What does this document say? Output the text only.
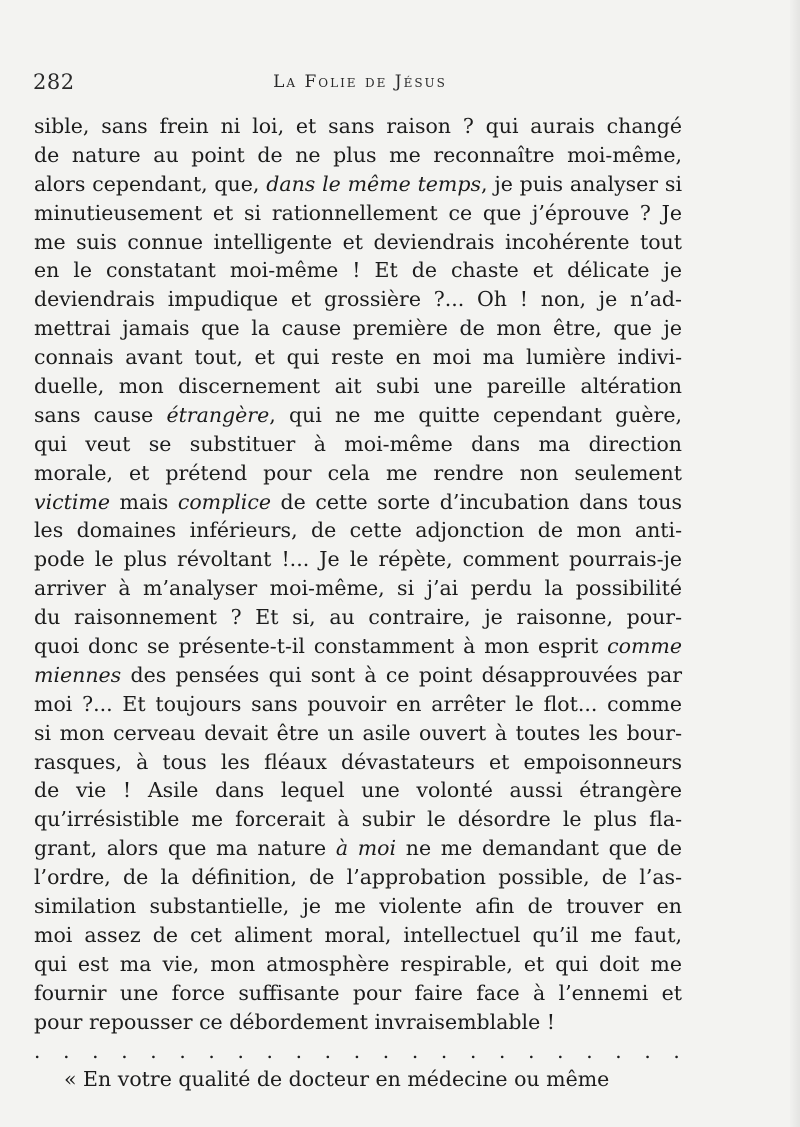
282	La Folie de Jésus
sible, sans frein ni loi, et sans raison ? qui aurais changé
de nature au point de ne plus me reconnaître moi-même,
alors cependant, que, dans le même temps, je puis analyser si
minutieusement et si rationnellement ce que j’éprouve ? Je
me suis connue intelligente et deviendrais incohérente tout
en le constatant moi-même ! Et de chaste et délicate je
deviendrais impudique et grossière ?... Oh ! non, je n’ad-
mettrai jamais que la cause première de mon être, que je
connais avant tout, et qui reste en moi ma lumière indivi-
duelle, mon discernement ait subi une pareille altération
sans cause étrangère, qui ne me quitte cependant guère,
qui veut se substituer à moi-même dans ma direction
morale, et prétend pour cela me rendre non seulement
victime mais complice de cette sorte d’incubation dans tous
les domaines inférieurs, de cette adjonction de mon anti-
pode le plus révoltant !... Je le répète, comment pourrais-je
arriver à m’analyser moi-même, si j’ai perdu la possibilité
du raisonnement ? Et si, au contraire, je raisonne, pour-
quoi donc se présente-t-il constamment à mon esprit comme
miennes des pensées qui sont à ce point désapprouvées par
moi ?... Et toujours sans pouvoir en arrêter le flot... comme
si mon cerveau devait être un asile ouvert à toutes les bour-
rasques, à tous les fléaux dévastateurs et empoisonneurs
de vie ! Asile dans lequel une volonté aussi étrangère
qu’irrésistible me forcerait à subir le désordre le plus fla-
grant, alors que ma nature à moi ne me demandant que de
l’ordre, de la définition, de l’approbation possible, de l’as-
similation substantielle, je me violente afin de trouver en
moi assez de cet aliment moral, intellectuel qu’il me faut,
qui est ma vie, mon atmosphère respirable, et qui doit me
fournir une force suffisante pour faire face à l’ennemi et
pour repousser ce débordement invraisemblable !
. . . . . . . . . . . . . . . . . . . . . . .
« En votre qualité de docteur en médecine ou même
